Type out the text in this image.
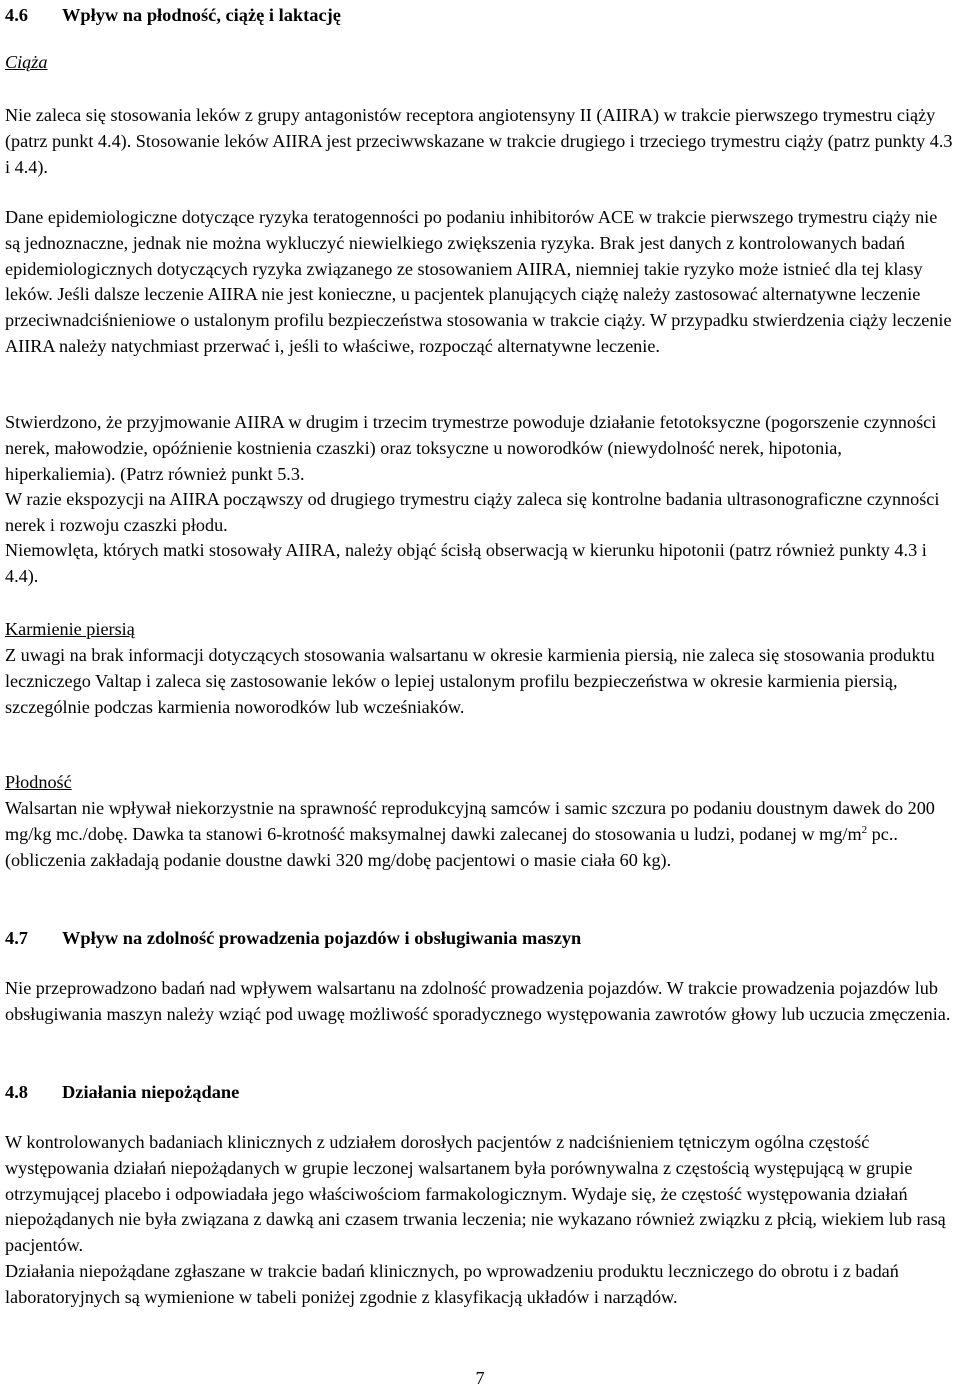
4.6	Wpływ na płodność, ciążę i laktację
Ciąża
Nie zaleca się stosowania leków z grupy antagonistów receptora angiotensyny II (AIIRA) w trakcie pierwszego trymestru ciąży (patrz punkt 4.4). Stosowanie leków AIIRA jest przeciwwskazane w trakcie drugiego i trzeciego trymestru ciąży (patrz punkty 4.3 i 4.4).
Dane epidemiologiczne dotyczące ryzyka teratogenności po podaniu inhibitorów ACE w trakcie pierwszego trymestru ciąży nie są jednoznaczne, jednak nie można wykluczyć niewielkiego zwiększenia ryzyka. Brak jest danych z kontrolowanych badań epidemiologicznych dotyczących ryzyka związanego ze stosowaniem AIIRA, niemniej takie ryzyko może istnieć dla tej klasy leków. Jeśli dalsze leczenie AIIRA nie jest konieczne, u pacjentek planujących ciążę należy zastosować alternatywne leczenie przeciwnadciśnieniowe o ustalonym profilu bezpieczeństwa stosowania w trakcie ciąży. W przypadku stwierdzenia ciąży leczenie AIIRA należy natychmiast przerwać i, jeśli to właściwe, rozpocząć alternatywne leczenie.
Stwierdzono, że przyjmowanie AIIRA w drugim i trzecim trymestrze powoduje działanie fetotoksyczne (pogorszenie czynności nerek, małowodzie, opóźnienie kostnienia czaszki) oraz toksyczne u noworodków (niewydolność nerek, hipotonia, hiperkaliemia). (Patrz również punkt 5.3.
W razie ekspozycji na AIIRA począwszy od drugiego trymestru ciąży zaleca się kontrolne badania ultrasonograficzne czynności nerek i rozwoju czaszki płodu.
Niemowlęta, których matki stosowały AIIRA, należy objąć ścisłą obserwacją w kierunku hipotonii (patrz również punkty 4.3 i 4.4).
Karmienie piersią
Z uwagi na brak informacji dotyczących stosowania walsartanu w okresie karmienia piersią, nie zaleca się stosowania produktu leczniczego Valtap i zaleca się zastosowanie leków o lepiej ustalonym profilu bezpieczeństwa w okresie karmienia piersią, szczególnie podczas karmienia noworodków lub wcześniaków.
Płodność
Walsartan nie wpływał niekorzystnie na sprawność reprodukcyjną samców i samic szczura po podaniu doustnym dawek do 200 mg/kg mc./dobę. Dawka ta stanowi 6-krotność maksymalnej dawki zalecanej do stosowania u ludzi, podanej w $mg/m^2$ pc.. (obliczenia zakładają podanie doustne dawki 320 mg/dobę pacjentowi o masie ciała 60 kg).
4.7	Wpływ na zdolność prowadzenia pojazdów i obsługiwania maszyn
Nie przeprowadzono badań nad wpływem walsartanu na zdolność prowadzenia pojazdów. W trakcie prowadzenia pojazdów lub obsługiwania maszyn należy wziąć pod uwagę możliwość sporadycznego występowania zawrotów głowy lub uczucia zmęczenia.
4.8	Działania niepożądane
W kontrolowanych badaniach klinicznych z udziałem dorosłych pacjentów z nadciśnieniem tętniczym ogólna częstość występowania działań niepożądanych w grupie leczonej walsartanem była porównywalna z częstością występującą w grupie otrzymującej placebo i odpowiadała jego właściwościom farmakologicznym. Wydaje się, że częstość występowania działań niepożądanych nie była związana z dawką ani czasem trwania leczenia; nie wykazano również związku z płcią, wiekiem lub rasą pacjentów.
Działania niepożądane zgłaszane w trakcie badań klinicznych, po wprowadzeniu produktu leczniczego do obrotu i z badań laboratoryjnych są wymienione w tabeli poniżej zgodnie z klasyfikacją układów i narządów.
7
